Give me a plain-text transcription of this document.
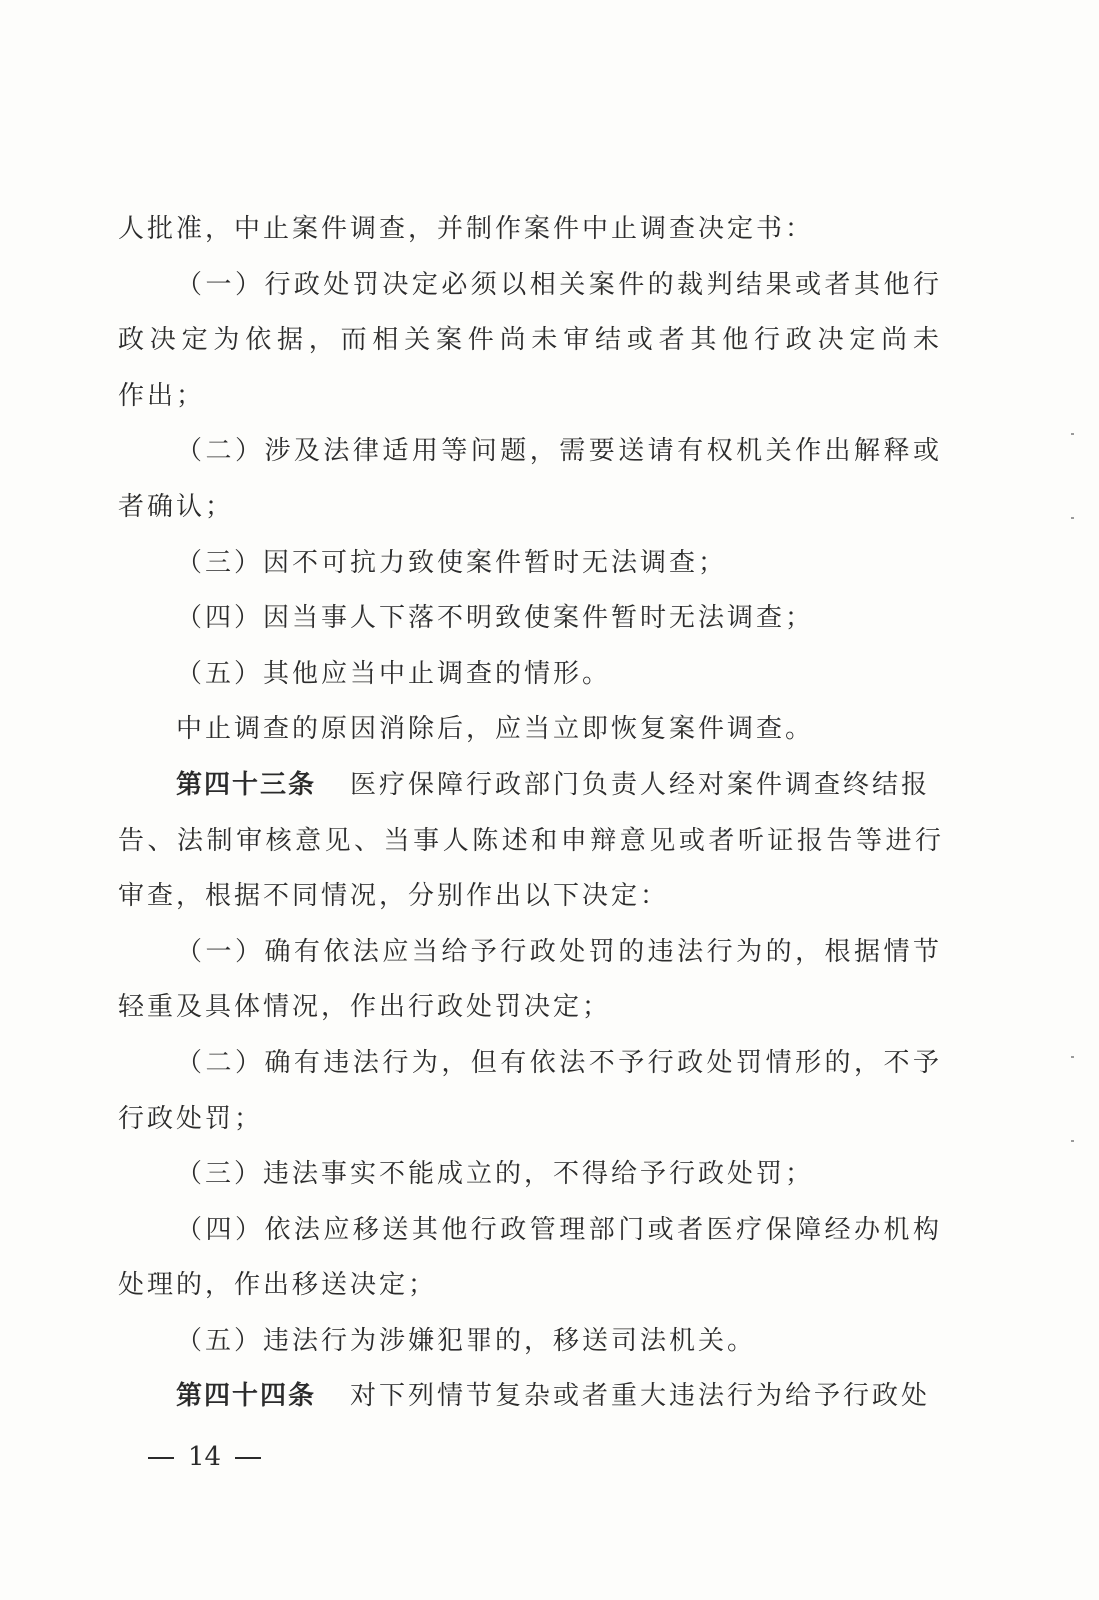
人批准，中止案件调查，并制作案件中止调查决定书：
（一）行政处罚决定必须以相关案件的裁判结果或者其他行
政决定为依据，而相关案件尚未审结或者其他行政决定尚未
作出；
（二）涉及法律适用等问题，需要送请有权机关作出解释或
者确认；
（三）因不可抗力致使案件暂时无法调查；
（四）因当事人下落不明致使案件暂时无法调查；
（五）其他应当中止调查的情形。
中止调查的原因消除后，应当立即恢复案件调查。
第四十三条 医疗保障行政部门负责人经对案件调查终结报
告、法制审核意见、当事人陈述和申辩意见或者听证报告等进行
审查，根据不同情况，分别作出以下决定：
（一）确有依法应当给予行政处罚的违法行为的，根据情节
轻重及具体情况，作出行政处罚决定；
（二）确有违法行为，但有依法不予行政处罚情形的，不予
行政处罚；
（三）违法事实不能成立的，不得给予行政处罚；
（四）依法应移送其他行政管理部门或者医疗保障经办机构
处理的，作出移送决定；
（五）违法行为涉嫌犯罪的，移送司法机关。
第四十四条 对下列情节复杂或者重大违法行为给予行政处
14
